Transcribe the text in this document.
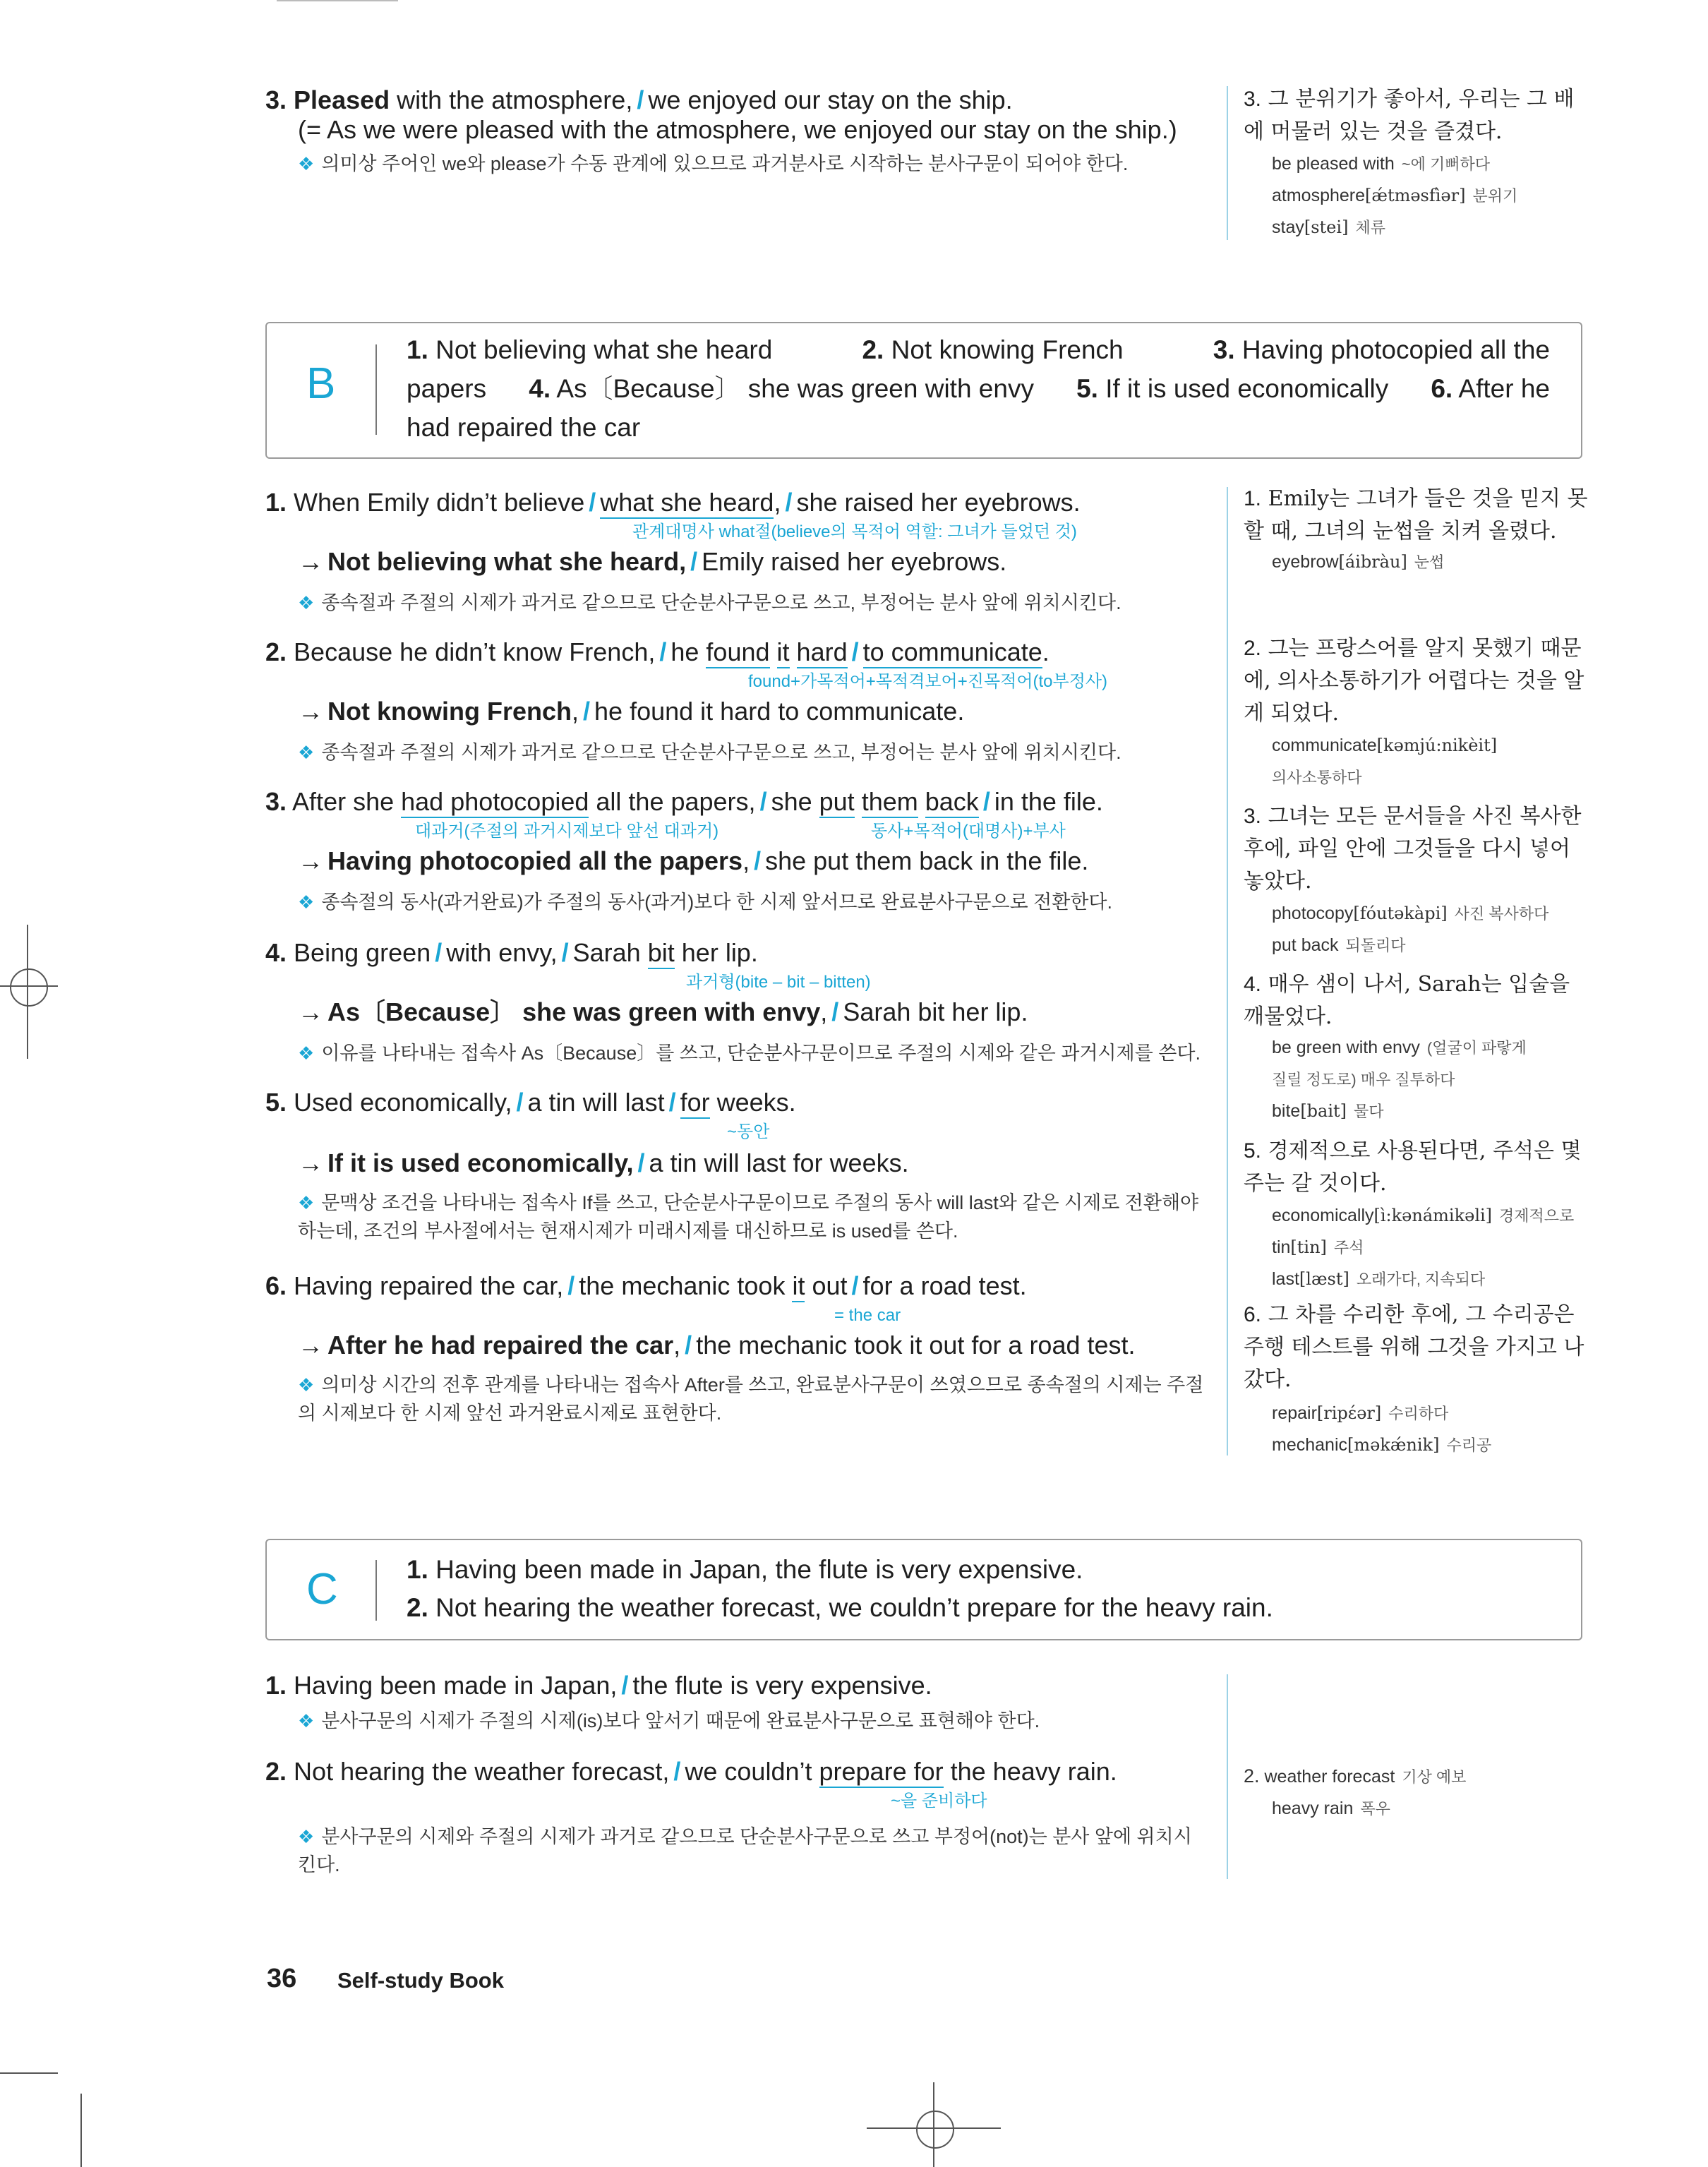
3. Pleased with the atmosphere, / we enjoyed our stay on the ship.
(= As we were pleased with the atmosphere, we enjoyed our stay on the ship.)
❖ 의미상 주어인 we와 please가 수동 관계에 있으므로 과거분사로 시작하는 분사구문이 되어야 한다.
3. 그 분위기가 좋아서, 우리는 그 배에 머물러 있는 것을 즐겼다.
be pleased with ~에 기뻐하다
atmosphere[ǽtməsfìər] 분위기
stay[stei] 체류
B
1. Not believing what she heard	2. Not knowing French	3. Having photocopied all the
papers 4. As〔Because〕 she was green with envy 5. If it is used economically 6. After he
had repaired the car
1. When Emily didn’t believe / what she heard, / she raised her eyebrows.
관계대명사 what절(believe의 목적어 역할: 그녀가 들었던 것)
→ Not believing what she heard, / Emily raised her eyebrows.
❖ 종속절과 주절의 시제가 과거로 같으므로 단순분사구문으로 쓰고, 부정어는 분사 앞에 위치시킨다.
1. Emily는 그녀가 들은 것을 믿지 못할 때, 그녀의 눈썹을 치켜 올렸다.
eyebrow[áibràu] 눈썹
2. Because he didn’t know French, / he found it hard / to communicate.
found+가목적어+목적격보어+진목적어(to부정사)
→ Not knowing French, / he found it hard to communicate.
❖ 종속절과 주절의 시제가 과거로 같으므로 단순분사구문으로 쓰고, 부정어는 분사 앞에 위치시킨다.
2. 그는 프랑스어를 알지 못했기 때문에, 의사소통하기가 어렵다는 것을 알게 되었다.
communicate[kəmjú:nikèit]
의사소통하다
3. After she had photocopied all the papers, / she put them back / in the file.
대과거(주절의 과거시제보다 앞선 대과거)	동사+목적어(대명사)+부사
→ Having photocopied all the papers, / she put them back in the file.
❖ 종속절의 동사(과거완료)가 주절의 동사(과거)보다 한 시제 앞서므로 완료분사구문으로 전환한다.
3. 그녀는 모든 문서들을 사진 복사한 후에, 파일 안에 그것들을 다시 넣어 놓았다.
photocopy[fóutəkàpi] 사진 복사하다
put back 되돌리다
4. Being green / with envy, / Sarah bit her lip.
과거형(bite – bit – bitten)
→ As〔Because〕 she was green with envy, / Sarah bit her lip.
❖ 이유를 나타내는 접속사 As〔Because〕를 쓰고, 단순분사구문이므로 주절의 시제와 같은 과거시제를 쓴다.
4. 매우 샘이 나서, Sarah는 입술을 깨물었다.
be green with envy (얼굴이 파랗게
질릴 정도로) 매우 질투하다
bite[bait] 물다
5. Used economically, / a tin will last / for weeks.
~동안
→ If it is used economically, / a tin will last for weeks.
❖ 문맥상 조건을 나타내는 접속사 If를 쓰고, 단순분사구문이므로 주절의 동사 will last와 같은 시제로 전환해야 하는데, 조건의 부사절에서는 현재시제가 미래시제를 대신하므로 is used를 쓴다.
5. 경제적으로 사용된다면, 주석은 몇 주는 갈 것이다.
economically[ì:kənámikəli] 경제적으로
tin[tin] 주석
last[læst] 오래가다, 지속되다
6. Having repaired the car, / the mechanic took it out / for a road test.
= the car
→ After he had repaired the car, / the mechanic took it out for a road test.
❖ 의미상 시간의 전후 관계를 나타내는 접속사 After를 쓰고, 완료분사구문이 쓰였으므로 종속절의 시제는 주절의 시제보다 한 시제 앞선 과거완료시제로 표현한다.
6. 그 차를 수리한 후에, 그 수리공은 주행 테스트를 위해 그것을 가지고 나갔다.
repair[ripέər] 수리하다
mechanic[məkǽnik] 수리공
C	1. Having been made in Japan, the flute is very expensive.
2. Not hearing the weather forecast, we couldn’t prepare for the heavy rain.
1. Having been made in Japan, / the flute is very expensive.
❖ 분사구문의 시제가 주절의 시제(is)보다 앞서기 때문에 완료분사구문으로 표현해야 한다.
2. Not hearing the weather forecast, / we couldn’t prepare for the heavy rain.
~을 준비하다
❖ 분사구문의 시제와 주절의 시제가 과거로 같으므로 단순분사구문으로 쓰고 부정어(not)는 분사 앞에 위치시킨다.
2. weather forecast 기상 예보
heavy rain 폭우
36 Self-study Book
